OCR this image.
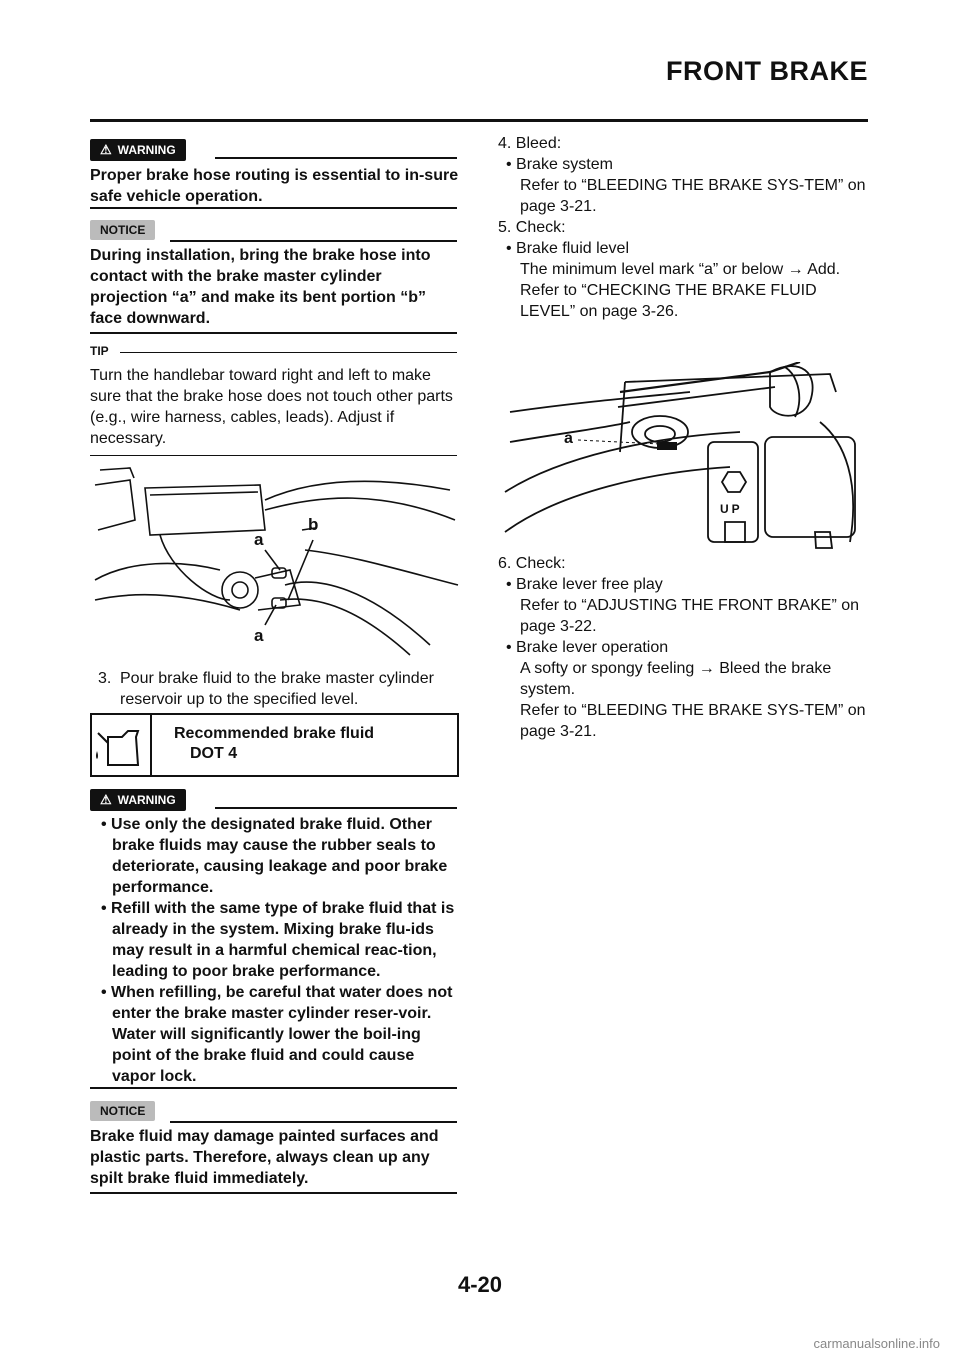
FRONT BRAKE
⚠ WARNING
Proper brake hose routing is essential to in-sure safe vehicle operation.
NOTICE
During installation, bring the brake hose into contact with the brake master cylinder projection “a” and make its bent portion “b” face downward.
TIP
Turn the handlebar toward right and left to make sure that the brake hose does not touch other parts (e.g., wire harness, cables, leads). Adjust if necessary.
a
b
a
3. Pour brake fluid to the brake master cylinder reservoir up to the specified level.
Recommended brake fluid
DOT 4
⚠ WARNING
• Use only the designated brake fluid. Other brake fluids may cause the rubber seals to deteriorate, causing leakage and poor brake performance.
• Refill with the same type of brake fluid that is already in the system. Mixing brake flu-ids may result in a harmful chemical reac-tion, leading to poor brake performance.
• When refilling, be careful that water does not enter the brake master cylinder reser-voir. Water will significantly lower the boil-ing point of the brake fluid and could cause vapor lock.
NOTICE
Brake fluid may damage painted surfaces and plastic parts. Therefore, always clean up any spilt brake fluid immediately.
4. Bleed:
• Brake system
Refer to “BLEEDING THE BRAKE SYS-TEM” on page 3-21.
5. Check:
• Brake fluid level
The minimum level mark “a” or below → Add.
Refer to “CHECKING THE BRAKE FLUID LEVEL” on page 3-26.
a
UP
6. Check:
• Brake lever free play
Refer to “ADJUSTING THE FRONT BRAKE” on page 3-22.
• Brake lever operation
A softy or spongy feeling → Bleed the brake system.
Refer to “BLEEDING THE BRAKE SYS-TEM” on page 3-21.
4-20
carmanualsonline.info
